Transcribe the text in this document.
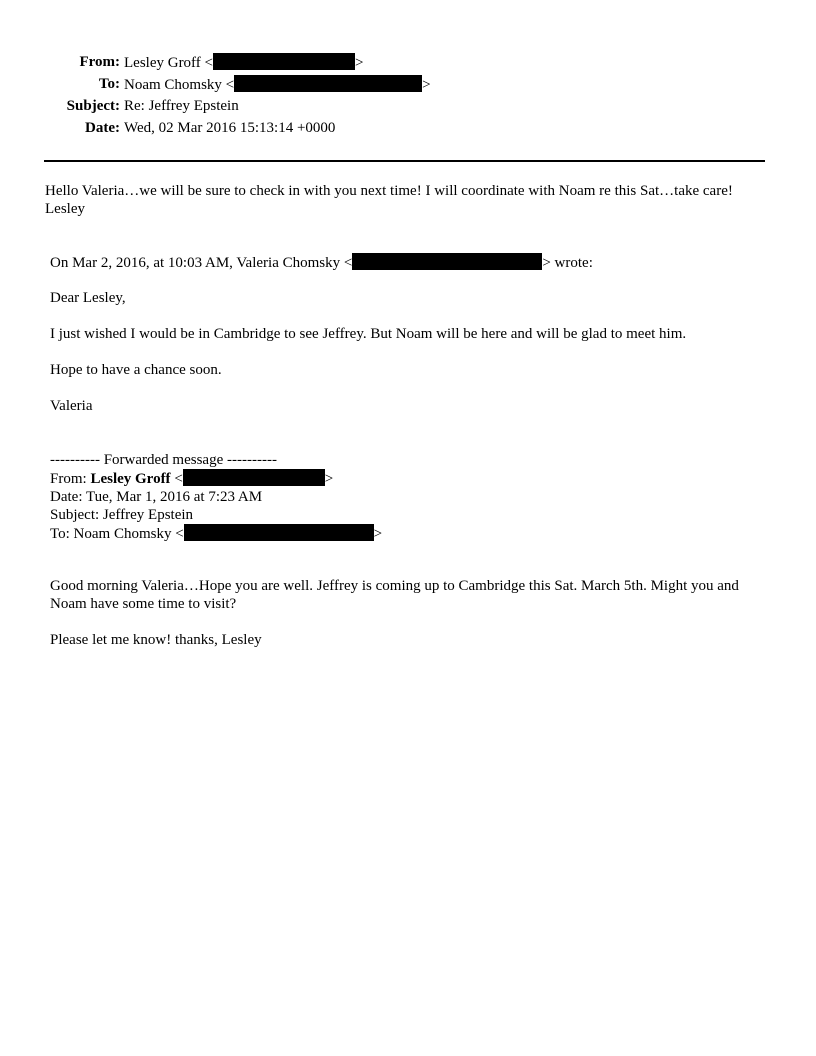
From: Lesley Groff <	>
To: Noam Chomsky <	>
Subject: Re: Jeffrey Epstein
Date: Wed, 02 Mar 2016 15:13:14 +0000
Hello Valeria…we will be sure to check in with you next time! I will coordinate with Noam re this Sat…take care! Lesley
On Mar 2, 2016, at 10:03 AM, Valeria Chomsky <	> wrote:
Dear Lesley,
I just wished I would be in Cambridge to see Jeffrey. But Noam will be here and will be glad to meet him.
Hope to have a chance soon.
Valeria
---------- Forwarded message ----------
From: Lesley Groff <	>
Date: Tue, Mar 1, 2016 at 7:23 AM
Subject: Jeffrey Epstein
To: Noam Chomsky <	>
Good morning Valeria…Hope you are well. Jeffrey is coming up to Cambridge this Sat. March 5th. Might you and Noam have some time to visit?
Please let me know! thanks, Lesley
